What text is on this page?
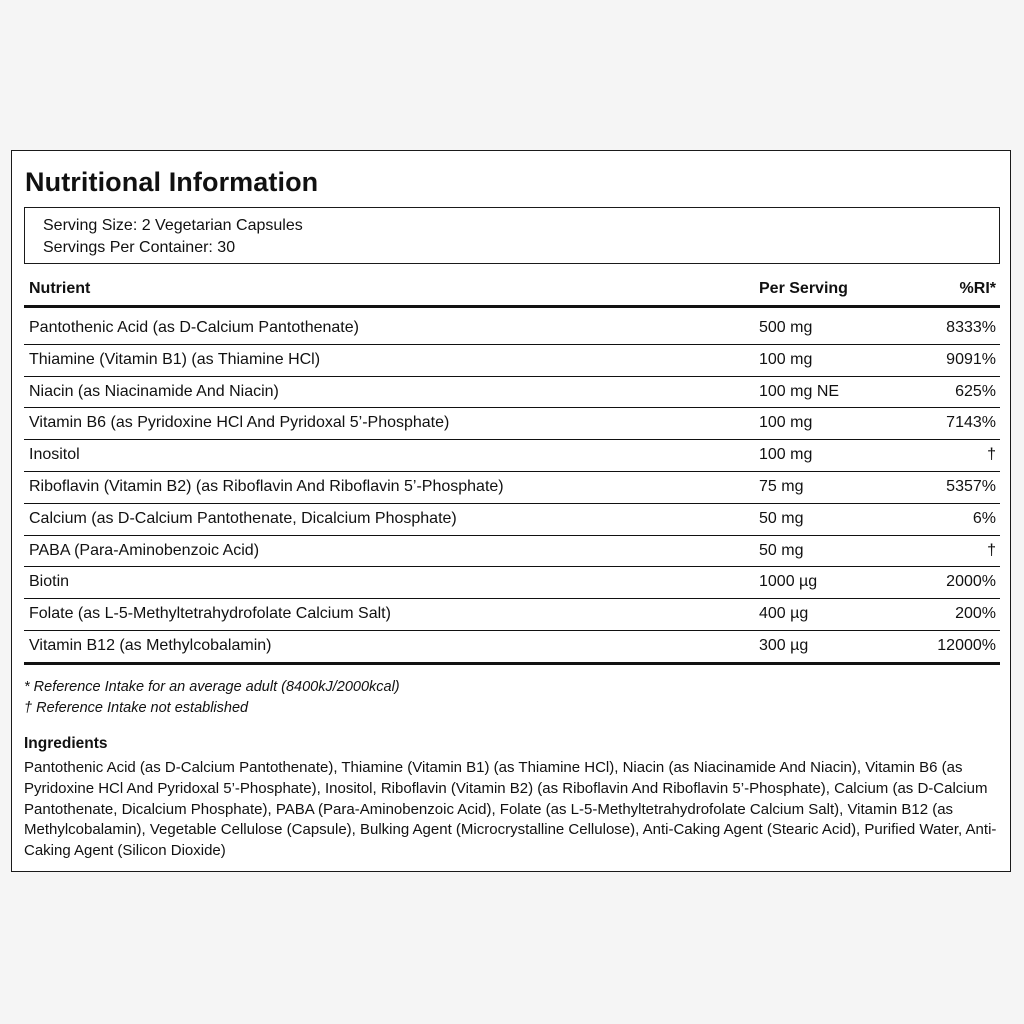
Nutritional Information
Serving Size: 2 Vegetarian Capsules
Servings Per Container: 30
Nutrient	Per Serving	%RI*
Pantothenic Acid (as D-Calcium Pantothenate)	500 mg	8333%
Thiamine (Vitamin B1) (as Thiamine HCl)	100 mg	9091%
Niacin (as Niacinamide And Niacin)	100 mg NE	625%
Vitamin B6 (as Pyridoxine HCl And Pyridoxal 5’-Phosphate)	100 mg	7143%
Inositol	100 mg	†
Riboflavin (Vitamin B2) (as Riboflavin And Riboflavin 5’-Phosphate)	75 mg	5357%
Calcium (as D-Calcium Pantothenate, Dicalcium Phosphate)	50 mg	6%
PABA (Para-Aminobenzoic Acid)	50 mg	†
Biotin	1000 µg	2000%
Folate (as L-5-Methyltetrahydrofolate Calcium Salt)	400 µg	200%
Vitamin B12 (as Methylcobalamin)	300 µg	12000%
* Reference Intake for an average adult (8400kJ/2000kcal)
† Reference Intake not established
Ingredients
Pantothenic Acid (as D-Calcium Pantothenate), Thiamine (Vitamin B1) (as Thiamine HCl), Niacin (as Niacinamide And Niacin), Vitamin B6 (as Pyridoxine HCl And Pyridoxal 5’-Phosphate), Inositol, Riboflavin (Vitamin B2) (as Riboflavin And Riboflavin 5’-Phosphate), Calcium (as D-Calcium Pantothenate, Dicalcium Phosphate), PABA (Para-Aminobenzoic Acid), Folate (as L-5-Methyltetrahydrofolate Calcium Salt), Vitamin B12 (as Methylcobalamin), Vegetable Cellulose (Capsule), Bulking Agent (Microcrystalline Cellulose), Anti-Caking Agent (Stearic Acid), Purified Water, Anti-Caking Agent (Silicon Dioxide)
